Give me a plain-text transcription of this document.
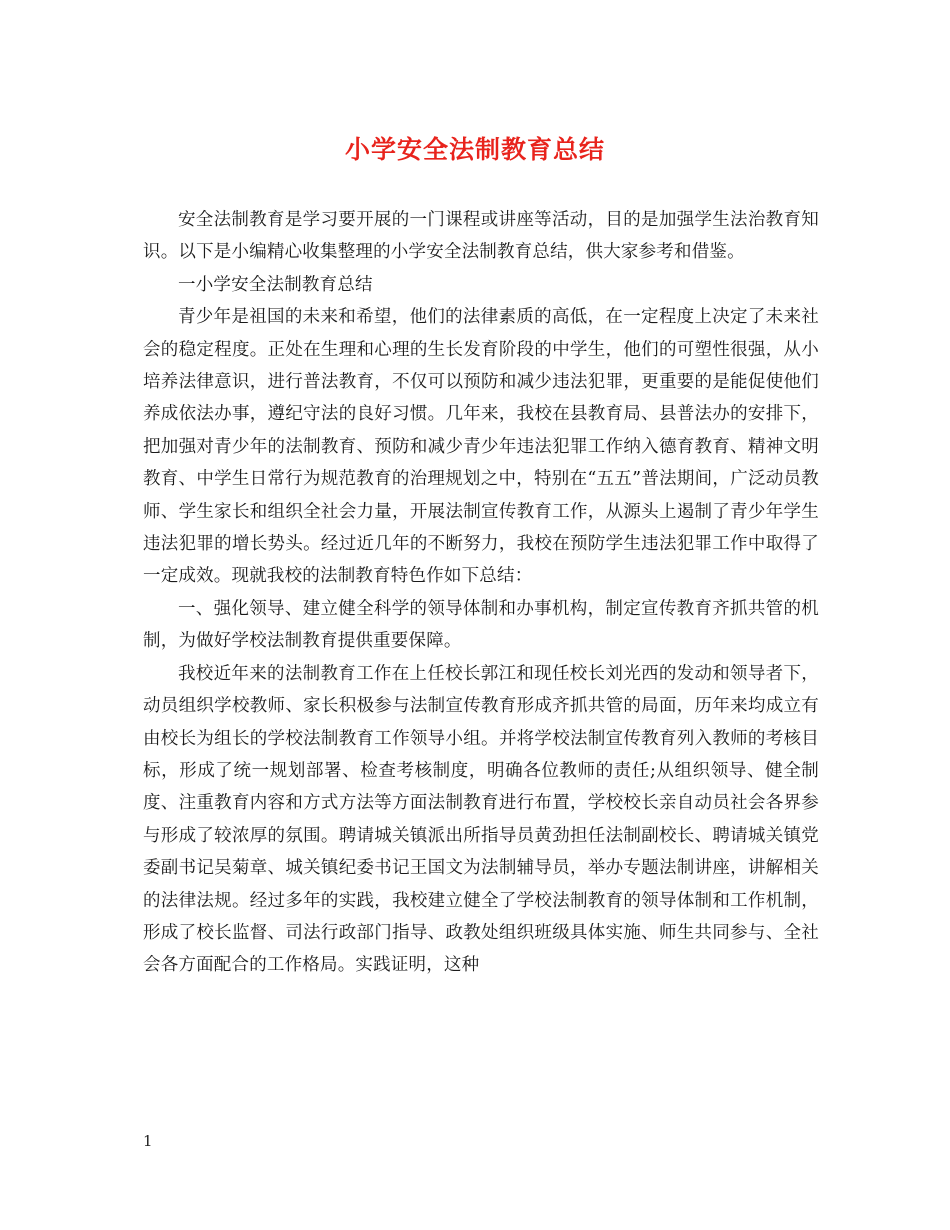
小学安全法制教育总结

安全法制教育是学习要开展的一门课程或讲座等活动，目的是加强学生法治教育知识。以下是小编精心收集整理的小学安全法制教育总结，供大家参考和借鉴。

一小学安全法制教育总结

青少年是祖国的未来和希望，他们的法律素质的高低，在一定程度上决定了未来社会的稳定程度。正处在生理和心理的生长发育阶段的中学生，他们的可塑性很强，从小培养法律意识，进行普法教育，不仅可以预防和减少违法犯罪，更重要的是能促使他们养成依法办事，遵纪守法的良好习惯。几年来，我校在县教育局、县普法办的安排下，把加强对青少年的法制教育、预防和减少青少年违法犯罪工作纳入德育教育、精神文明教育、中学生日常行为规范教育的治理规划之中，特别在“五五”普法期间，广泛动员教师、学生家长和组织全社会力量，开展法制宣传教育工作，从源头上遏制了青少年学生违法犯罪的增长势头。经过近几年的不断努力，我校在预防学生违法犯罪工作中取得了一定成效。现就我校的法制教育特色作如下总结：

一、强化领导、建立健全科学的领导体制和办事机构，制定宣传教育齐抓共管的机制，为做好学校法制教育提供重要保障。

我校近年来的法制教育工作在上任校长郭江和现任校长刘光西的发动和领导者下，动员组织学校教师、家长积极参与法制宣传教育形成齐抓共管的局面，历年来均成立有由校长为组长的学校法制教育工作领导小组。并将学校法制宣传教育列入教师的考核目标，形成了统一规划部署、检查考核制度，明确各位教师的责任;从组织领导、健全制度、注重教育内容和方式方法等方面法制教育进行布置，学校校长亲自动员社会各界参与形成了较浓厚的氛围。聘请城关镇派出所指导员黄劲担任法制副校长、聘请城关镇党委副书记吴菊章、城关镇纪委书记王国文为法制辅导员，举办专题法制讲座，讲解相关的法律法规。经过多年的实践，我校建立健全了学校法制教育的领导体制和工作机制，形成了校长监督、司法行政部门指导、政教处组织班级具体实施、师生共同参与、全社会各方面配合的工作格局。实践证明，这种

1
